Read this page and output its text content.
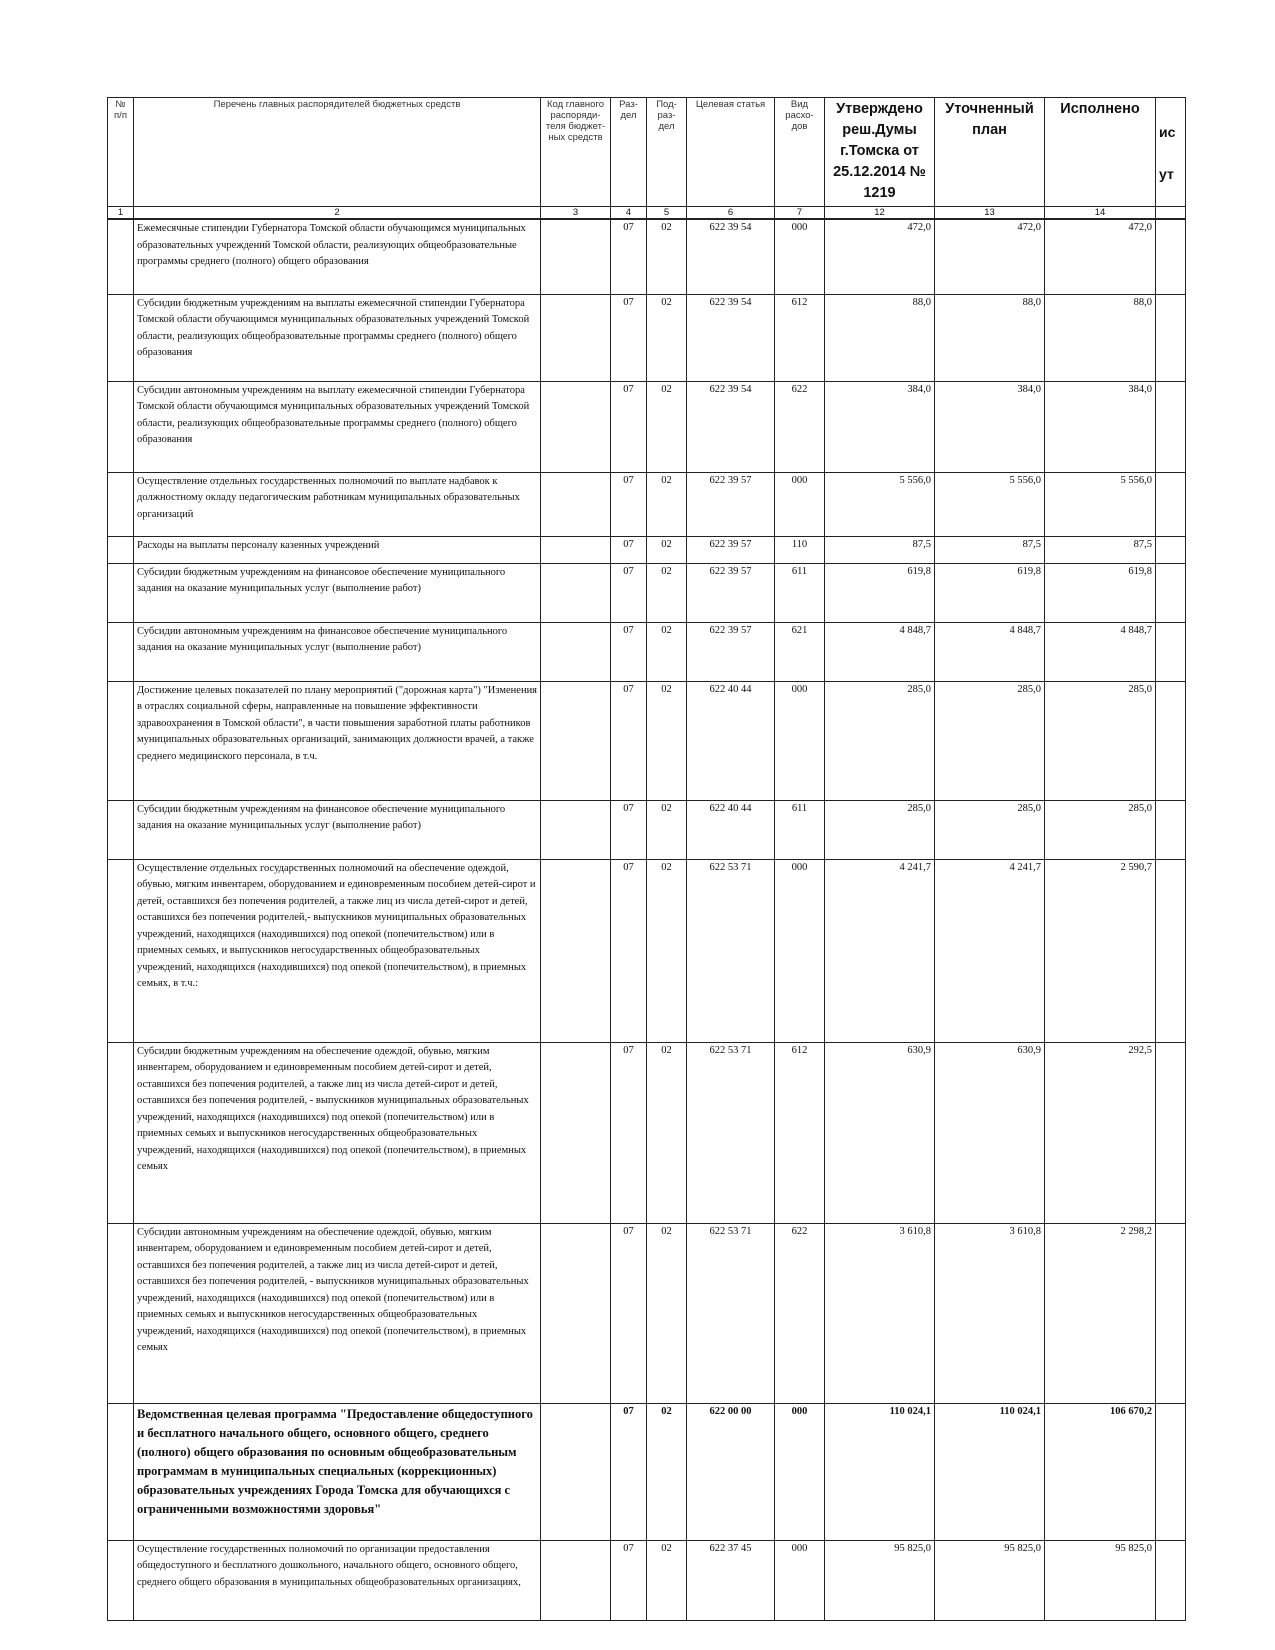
№ п/п	Перечень главных распорядителей бюджетных средств	Код главного распоряди-теля бюджет-ных средств	Раз-дел	Под-раз-дел	Целевая статья	Вид расхо-дов	Утверждено реш.Думы г.Томска от 25.12.2014 № 1219	Уточненный план	Исполнено	ис
ут

1	2	3	4	5	6	7	12	13	14	
	Ежемесячные стипендии Губернатора Томской области обучающимся муниципальных образовательных учреждений Томской области, реализующих общеобразовательные программы среднего (полного) общего образования		07	02	622 39 54	000	472,0	472,0	472,0	
	Субсидии бюджетным учреждениям на выплаты ежемесячной стипендии Губернатора Томской области обучающимся муниципальных образовательных учреждений Томской области, реализующих общеобразовательные программы среднего (полного) общего образования		07	02	622 39 54	612	88,0	88,0	88,0	
	Субсидии автономным учреждениям на выплату ежемесячной стипендии Губернатора Томской области обучающимся муниципальных образовательных учреждений Томской области, реализующих общеобразовательные программы среднего (полного) общего образования		07	02	622 39 54	622	384,0	384,0	384,0	
	Осуществление отдельных государственных полномочий по выплате надбавок к должностному окладу педагогическим работникам муниципальных образовательных организаций		07	02	622 39 57	000	5 556,0	5 556,0	5 556,0	
	Расходы на выплаты персоналу казенных учреждений		07	02	622 39 57	110	87,5	87,5	87,5	
	Субсидии бюджетным учреждениям на финансовое обеспечение муниципального задания на оказание муниципальных услуг (выполнение работ)		07	02	622 39 57	611	619,8	619,8	619,8	
	Субсидии автономным учреждениям на финансовое обеспечение муниципального задания на оказание муниципальных услуг (выполнение работ)		07	02	622 39 57	621	4 848,7	4 848,7	4 848,7	
	Достижение целевых показателей по плану мероприятий ("дорожная карта") "Изменения в отраслях социальной сферы, направленные на повышение эффективности здравоохранения в Томской области", в части повышения заработной платы работников муниципальных образовательных организаций, занимающих должности врачей, а также среднего медицинского персонала, в т.ч.		07	02	622 40 44	000	285,0	285,0	285,0	
	Субсидии бюджетным учреждениям на финансовое обеспечение муниципального задания на оказание муниципальных услуг (выполнение работ)		07	02	622 40 44	611	285,0	285,0	285,0	
	Осуществление отдельных государственных полномочий на обеспечение одеждой, обувью, мягким инвентарем, оборудованием и единовременным пособием детей-сирот и детей, оставшихся без попечения родителей, а также лиц из числа детей-сирот и детей, оставшихся без попечения родителей,- выпускников муниципальных образовательных учреждений, находящихся (находившихся) под опекой (попечительством) или в приемных семьях, и выпускников негосударственных общеобразовательных учреждений, находящихся (находившихся) под опекой (попечительством), в приемных семьях, в т.ч.:		07	02	622 53 71	000	4 241,7	4 241,7	2 590,7	
	Субсидии бюджетным учреждениям на обеспечение одеждой, обувью, мягким инвентарем, оборудованием и единовременным пособием детей-сирот и детей, оставшихся без попечения родителей, а также лиц из числа детей-сирот и детей, оставшихся без попечения родителей, - выпускников муниципальных образовательных учреждений, находящихся (находившихся) под опекой (попечительством) или в приемных семьях и выпускников негосударственных общеобразовательных учреждений, находящихся (находившихся) под опекой (попечительством), в приемных семьях		07	02	622 53 71	612	630,9	630,9	292,5	
	Субсидии автономным учреждениям на обеспечение одеждой, обувью, мягким инвентарем, оборудованием и единовременным пособием детей-сирот и детей, оставшихся без попечения родителей, а также лиц из числа детей-сирот и детей, оставшихся без попечения родителей, - выпускников муниципальных образовательных учреждений, находящихся (находившихся) под опекой (попечительством) или в приемных семьях и выпускников негосударственных общеобразовательных учреждений, находящихся (находившихся) под опекой (попечительством), в приемных семьях		07	02	622 53 71	622	3 610,8	3 610,8	2 298,2	
	Ведомственная целевая программа "Предоставление общедоступного и бесплатного начального общего, основного общего, среднего (полного) общего образования по основным общеобразовательным программам в муниципальных специальных (коррекционных) образовательных учреждениях Города Томска для обучающихся с ограниченными возможностями здоровья"		07	02	622 00 00	000	110 024,1	110 024,1	106 670,2	
	Осуществление государственных полномочий по организации предоставления общедоступного и бесплатного дошкольного, начального общего, основного общего, среднего общего образования в муниципальных общеобразовательных организациях,		07	02	622 37 45	000	95 825,0	95 825,0	95 825,0	
